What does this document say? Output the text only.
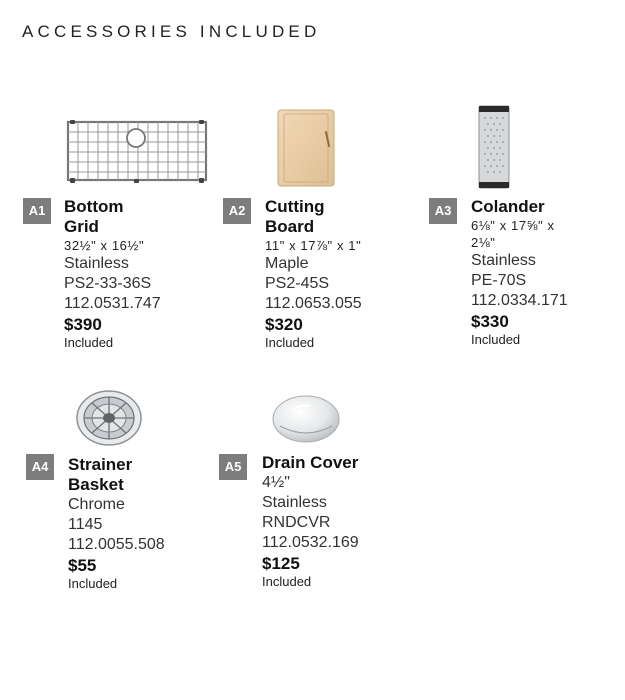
ACCESSORIES INCLUDED
A1	Bottom Grid
32½" x 16½"
Stainless
PS2-33-36S
112.0531.747
$390
Included
A2	Cutting Board
11" x 17⅞" x 1"
Maple
PS2-45S
112.0653.055
$320
Included
A3	Colander
6⅛" x 17⅝" x 2⅛"
Stainless
PE-70S
112.0334.171
$330
Included
A4	Strainer Basket
Chrome
1145
112.0055.508
$55
Included
A5	Drain Cover
4½"
Stainless
RNDCVR
112.0532.169
$125
Included
